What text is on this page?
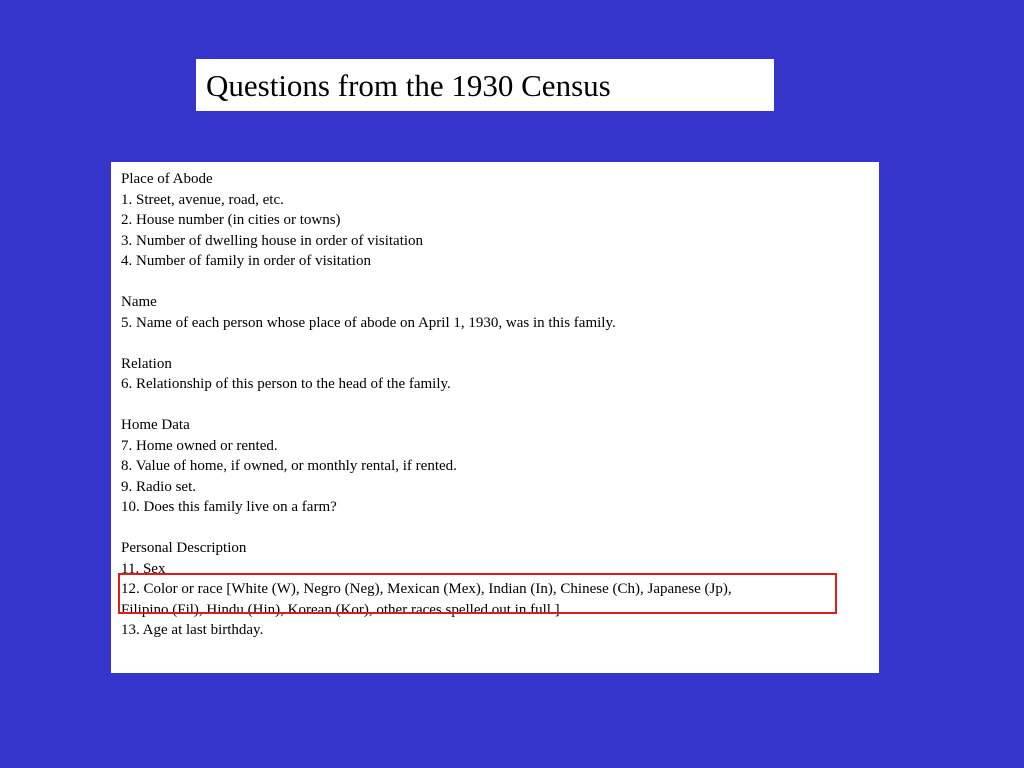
Questions from the 1930 Census
Place of Abode
1. Street, avenue, road, etc.
2. House number (in cities or towns)
3. Number of dwelling house in order of visitation
4. Number of family in order of visitation
Name
5. Name of each person whose place of abode on April 1, 1930, was in this family.
Relation
6. Relationship of this person to the head of the family.
Home Data
7. Home owned or rented.
8. Value of home, if owned, or monthly rental, if rented.
9. Radio set.
10. Does this family live on a farm?
Personal Description
11. Sex
12. Color or race [White (W), Negro (Neg), Mexican (Mex), Indian (In), Chinese (Ch), Japanese (Jp),
Filipino (Fil), Hindu (Hin), Korean (Kor), other races spelled out in full.]
13. Age at last birthday.
